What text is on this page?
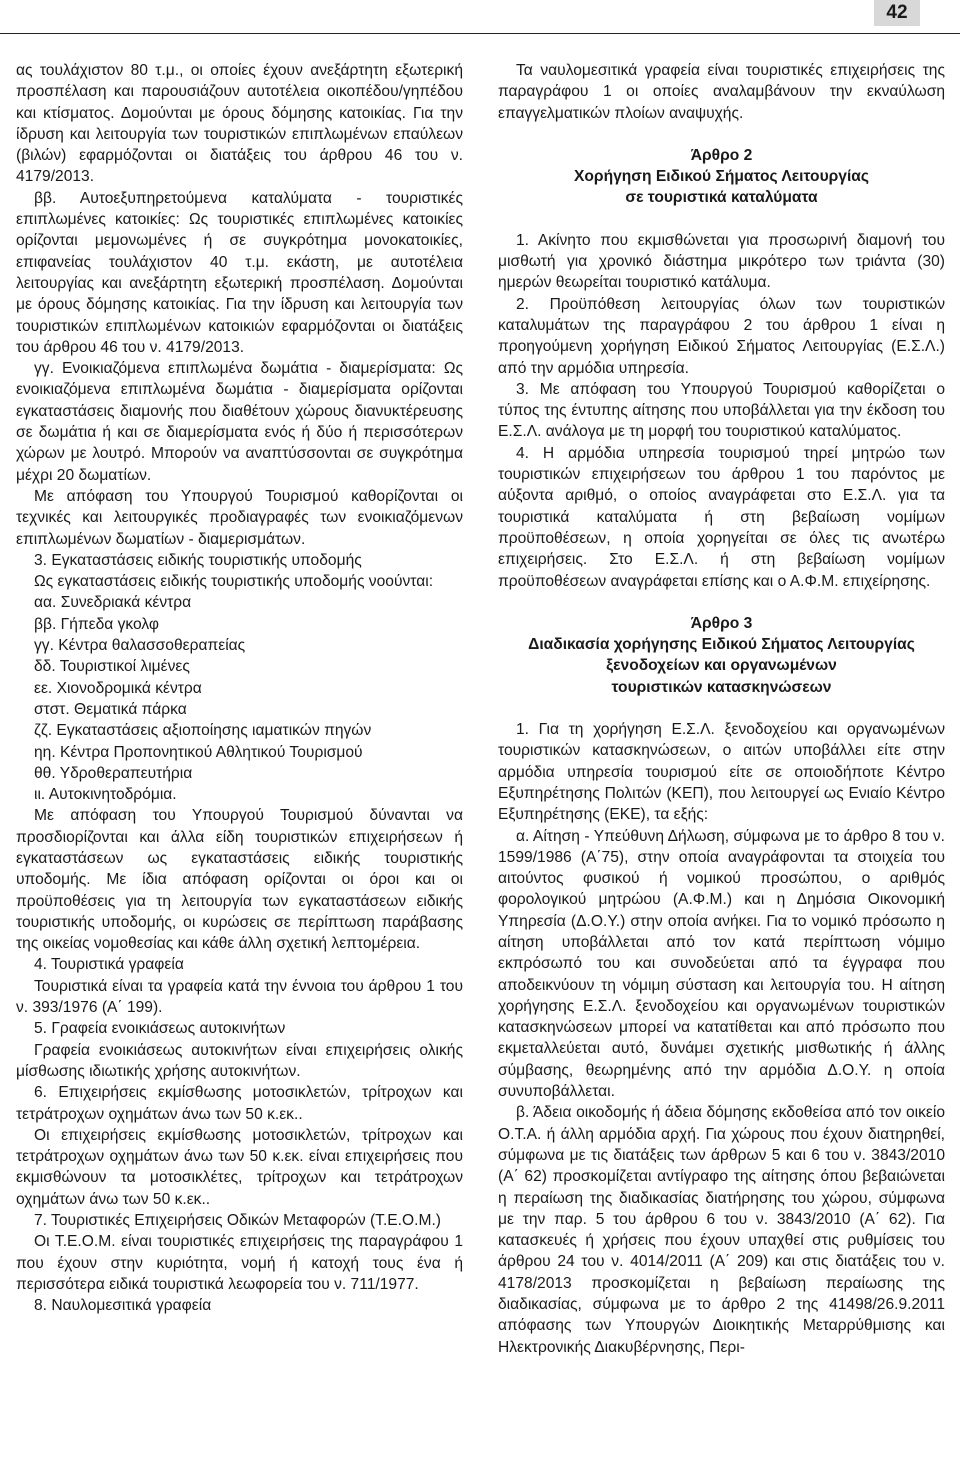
42

ας τουλάχιστον 80 τ.μ., οι οποίες έχουν ανεξάρτητη εξωτερική προσπέλαση και παρουσιάζουν αυτοτέλεια οικοπέδου/γηπέδου και κτίσματος. Δομούνται με όρους δόμησης κατοικίας. Για την ίδρυση και λειτουργία των τουριστικών επιπλωμένων επαύλεων (βιλών) εφαρμόζονται οι διατάξεις του άρθρου 46 του ν. 4179/2013.

ββ. Αυτοεξυπηρετούμενα καταλύματα - τουριστικές επιπλωμένες κατοικίες: Ως τουριστικές επιπλωμένες κατοικίες ορίζονται μεμονωμένες ή σε συγκρότημα μονοκατοικίες, επιφανείας τουλάχιστον 40 τ.μ. εκάστη, με αυτοτέλεια λειτουργίας και ανεξάρτητη εξωτερική προσπέλαση. Δομούνται με όρους δόμησης κατοικίας. Για την ίδρυση και λειτουργία των τουριστικών επιπλωμένων κατοικιών εφαρμόζονται οι διατάξεις του άρθρου 46 του ν. 4179/2013.

γγ. Ενοικιαζόμενα επιπλωμένα δωμάτια - διαμερίσματα: Ως ενοικιαζόμενα επιπλωμένα δωμάτια - διαμερίσματα ορίζονται εγκαταστάσεις διαμονής που διαθέτουν χώρους διανυκτέρευσης σε δωμάτια ή και σε διαμερίσματα ενός ή δύο ή περισσότερων χώρων με λουτρό. Μπορούν να αναπτύσσονται σε συγκρότημα μέχρι 20 δωματίων.

Με απόφαση του Υπουργού Τουρισμού καθορίζονται οι τεχνικές και λειτουργικές προδιαγραφές των ενοικιαζόμενων επιπλωμένων δωματίων - διαμερισμάτων.

3. Εγκαταστάσεις ειδικής τουριστικής υποδομής

Ως εγκαταστάσεις ειδικής τουριστικής υποδομής νοούνται:

αα. Συνεδριακά κέντρα

ββ. Γήπεδα γκολφ

γγ. Κέντρα θαλασσοθεραπείας

δδ. Τουριστικοί λιμένες

εε. Χιονοδρομικά κέντρα

στστ. Θεματικά πάρκα

ζζ. Εγκαταστάσεις αξιοποίησης ιαματικών πηγών

ηη. Κέντρα Προπονητικού Αθλητικού Τουρισμού

θθ. Υδροθεραπευτήρια

ιι. Αυτοκινητοδρόμια.

Με απόφαση του Υπουργού Τουρισμού δύνανται να προσδιορίζονται και άλλα είδη τουριστικών επιχειρήσεων ή εγκαταστάσεων ως εγκαταστάσεις ειδικής τουριστικής υποδομής. Με ίδια απόφαση ορίζονται οι όροι και οι προϋποθέσεις για τη λειτουργία των εγκαταστάσεων ειδικής τουριστικής υποδομής, οι κυρώσεις σε περίπτωση παράβασης της οικείας νομοθεσίας και κάθε άλλη σχετική λεπτομέρεια.

4. Τουριστικά γραφεία

Τουριστικά είναι τα γραφεία κατά την έννοια του άρθρου 1 του ν. 393/1976 (Α΄ 199).

5. Γραφεία ενοικιάσεως αυτοκινήτων

Γραφεία ενοικιάσεως αυτοκινήτων είναι επιχειρήσεις ολικής μίσθωσης ιδιωτικής χρήσης αυτοκινήτων.

6. Επιχειρήσεις εκμίσθωσης μοτοσικλετών, τρίτροχων και τετράτροχων οχημάτων άνω των 50 κ.εκ..

Οι επιχειρήσεις εκμίσθωσης μοτοσικλετών, τρίτροχων και τετράτροχων οχημάτων άνω των 50 κ.εκ. είναι επιχειρήσεις που εκμισθώνουν τα μοτοσικλέτες, τρίτροχων και τετράτροχων οχημάτων άνω των 50 κ.εκ..

7. Τουριστικές Επιχειρήσεις Οδικών Μεταφορών (Τ.Ε.Ο.Μ.)

Οι Τ.Ε.Ο.Μ. είναι τουριστικές επιχειρήσεις της παραγράφου 1 που έχουν στην κυριότητα, νομή ή κατοχή τους ένα ή περισσότερα ειδικά τουριστικά λεωφορεία του ν. 711/1977.

8. Ναυλομεσιτικά γραφεία

Τα ναυλομεσιτικά γραφεία είναι τουριστικές επιχειρήσεις της παραγράφου 1 οι οποίες αναλαμβάνουν την εκναύλωση επαγγελματικών πλοίων αναψυχής.

Άρθρο 2

Χορήγηση Ειδικού Σήματος Λειτουργίας

σε τουριστικά καταλύματα

1. Ακίνητο που εκμισθώνεται για προσωρινή διαμονή του μισθωτή για χρονικό διάστημα μικρότερο των τριάντα (30) ημερών θεωρείται τουριστικό κατάλυμα.

2. Προϋπόθεση λειτουργίας όλων των τουριστικών καταλυμάτων της παραγράφου 2 του άρθρου 1 είναι η προηγούμενη χορήγηση Ειδικού Σήματος Λειτουργίας (Ε.Σ.Λ.) από την αρμόδια υπηρεσία.

3. Με απόφαση του Υπουργού Τουρισμού καθορίζεται ο τύπος της έντυπης αίτησης που υποβάλλεται για την έκδοση του Ε.Σ.Λ. ανάλογα με τη μορφή του τουριστικού καταλύματος.

4. Η αρμόδια υπηρεσία τουρισμού τηρεί μητρώο των τουριστικών επιχειρήσεων του άρθρου 1 του παρόντος με αύξοντα αριθμό, ο οποίος αναγράφεται στο Ε.Σ.Λ. για τα τουριστικά καταλύματα ή στη βεβαίωση νομίμων προϋποθέσεων, η οποία χορηγείται σε όλες τις ανωτέρω επιχειρήσεις. Στο Ε.Σ.Λ. ή στη βεβαίωση νομίμων προϋποθέσεων αναγράφεται επίσης και ο Α.Φ.Μ. επιχείρησης.

Άρθρο 3

Διαδικασία χορήγησης Ειδικού Σήματος Λειτουργίας

ξενοδοχείων και οργανωμένων

τουριστικών κατασκηνώσεων

1. Για τη χορήγηση Ε.Σ.Λ. ξενοδοχείου και οργανωμένων τουριστικών κατασκηνώσεων, ο αιτών υποβάλλει είτε στην αρμόδια υπηρεσία τουρισμού είτε σε οποιοδήποτε Κέντρο Εξυπηρέτησης Πολιτών (ΚΕΠ), που λειτουργεί ως Ενιαίο Κέντρο Εξυπηρέτησης (ΕΚΕ), τα εξής:

α. Αίτηση - Υπεύθυνη Δήλωση, σύμφωνα με το άρθρο 8 του ν. 1599/1986 (Α΄75), στην οποία αναγράφονται τα στοιχεία του αιτούντος φυσικού ή νομικού προσώπου, ο αριθμός φορολογικού μητρώου (Α.Φ.Μ.) και η Δημόσια Οικονομική Υπηρεσία (Δ.Ο.Υ.) στην οποία ανήκει. Για το νομικό πρόσωπο η αίτηση υποβάλλεται από τον κατά περίπτωση νόμιμο εκπρόσωπό του και συνοδεύεται από τα έγγραφα που αποδεικνύουν τη νόμιμη σύσταση και λειτουργία του. Η αίτηση χορήγησης Ε.Σ.Λ. ξενοδοχείου και οργανωμένων τουριστικών κατασκηνώσεων μπορεί να κατατίθεται και από πρόσωπο που εκμεταλλεύεται αυτό, δυνάμει σχετικής μισθωτικής ή άλλης σύμβασης, θεωρημένης από την αρμόδια Δ.Ο.Υ. η οποία συνυποβάλλεται.

β. Άδεια οικοδομής ή άδεια δόμησης εκδοθείσα από τον οικείο Ο.Τ.Α. ή άλλη αρμόδια αρχή. Για χώρους που έχουν διατηρηθεί, σύμφωνα με τις διατάξεις των άρθρων 5 και 6 του ν. 3843/2010 (Α΄ 62) προσκομίζεται αντίγραφο της αίτησης όπου βεβαιώνεται η περαίωση της διαδικασίας διατήρησης του χώρου, σύμφωνα με την παρ. 5 του άρθρου 6 του ν. 3843/2010 (Α΄ 62). Για κατασκευές ή χρήσεις που έχουν υπαχθεί στις ρυθμίσεις του άρθρου 24 του ν. 4014/2011 (Α΄ 209) και στις διατάξεις του ν. 4178/2013 προσκομίζεται η βεβαίωση περαίωσης της διαδικασίας, σύμφωνα με το άρθρο 2 της 41498/26.9.2011 απόφασης των Υπουργών Διοικητικής Μεταρρύθμισης και Ηλεκτρονικής Διακυβέρνησης, Περι-
